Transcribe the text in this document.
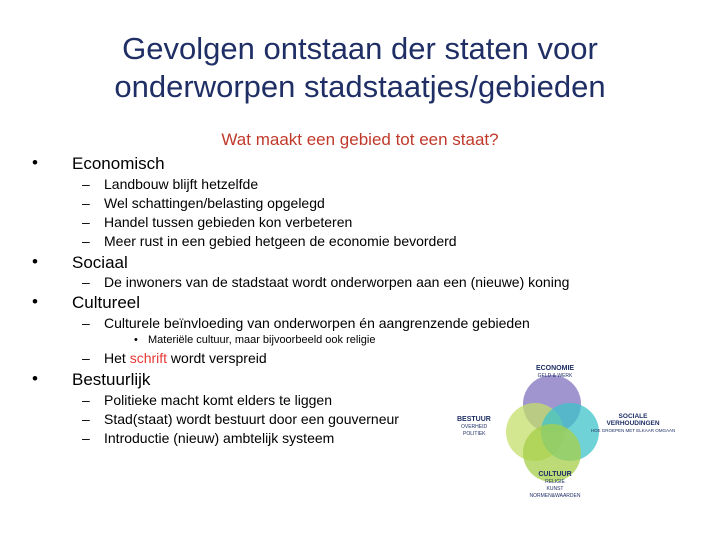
Gevolgen ontstaan der staten voor
onderworpen stadstaatjes/gebieden
Wat maakt een gebied tot een staat?
• Economisch
– Landbouw blijft hetzelfde
– Wel schattingen/belasting opgelegd
– Handel tussen gebieden kon verbeteren
– Meer rust in een gebied hetgeen de economie bevorderd
• Sociaal
– De inwoners van de stadstaat wordt onderworpen aan een (nieuwe) koning
• Cultureel
– Culturele beïnvloeding van onderworpen én aangrenzende gebieden
• Materiële cultuur, maar bijvoorbeeld ook religie
– Het schrift wordt verspreid
• Bestuurlijk
– Politieke macht komt elders te liggen
– Stad(staat) wordt bestuurt door een gouverneur
– Introductie (nieuw) ambtelijk systeem
ECONOMIE
GELD & WERK
BESTUUR
OVERHEID
POLITIEK
SOCIALE
VERHOUDINGEN
HOE GROEPEN MET ELKAAR OMGAAN
CULTUUR
RELIGIE
KUNST
NORMEN&WAARDEN
